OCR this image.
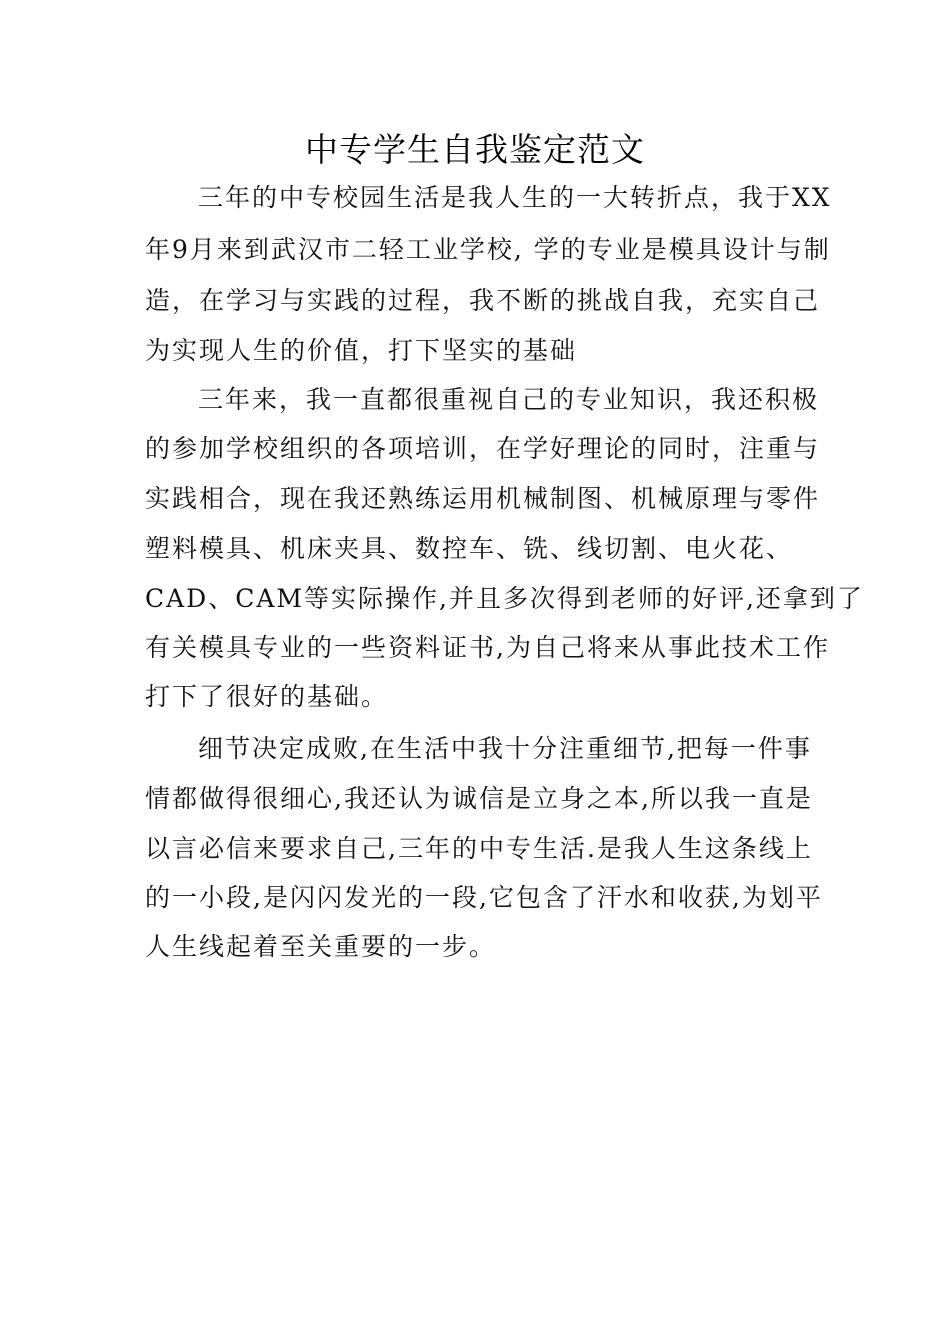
中专学生自我鉴定范文

三年的中专校园生活是我人生的一大转折点，我于XX

年9月来到武汉市二轻工业学校, 学的专业是模具设计与制

造，在学习与实践的过程，我不断的挑战自我，充实自己

为实现人生的价值，打下坚实的基础

三年来，我一直都很重视自己的专业知识，我还积极

的参加学校组织的各项培训，在学好理论的同时，注重与

实践相合，现在我还熟练运用机械制图、机械原理与零件

塑料模具、机床夹具、数控车、铣、线切割、电火花、

CAD、CAM等实际操作,并且多次得到老师的好评,还拿到了

有关模具专业的一些资料证书,为自己将来从事此技术工作

打下了很好的基础。

细节决定成败,在生活中我十分注重细节,把每一件事

情都做得很细心,我还认为诚信是立身之本,所以我一直是

以言必信来要求自己,三年的中专生活.是我人生这条线上

的一小段,是闪闪发光的一段,它包含了汗水和收获,为划平

人生线起着至关重要的一步。
